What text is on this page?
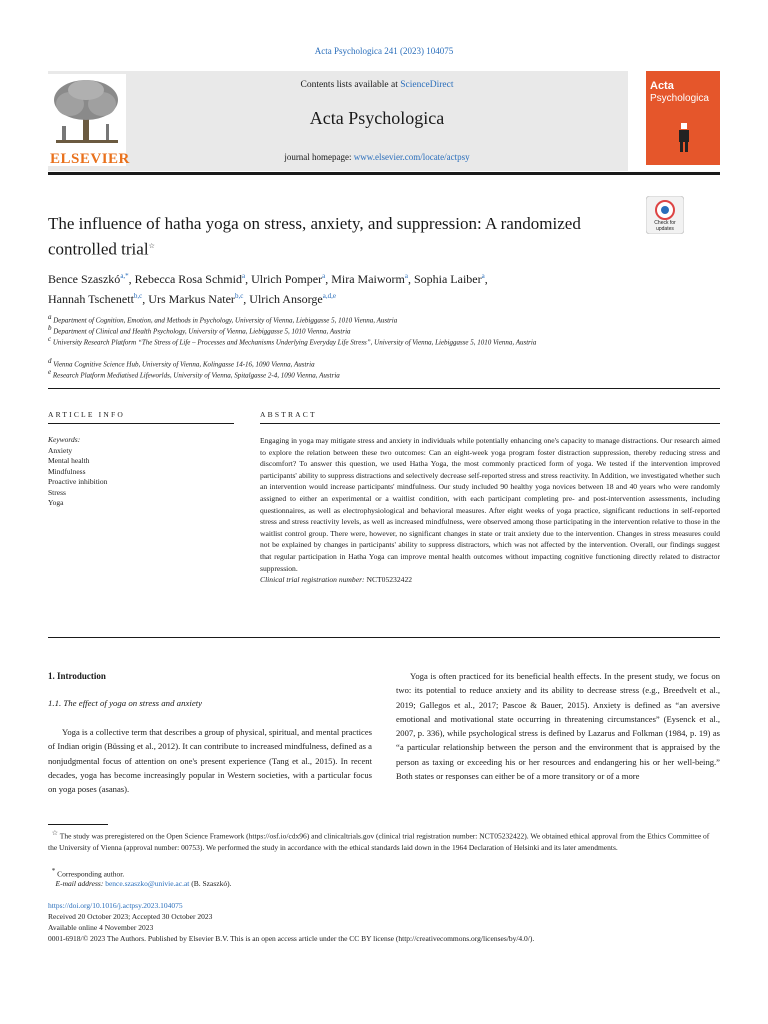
Acta Psychologica 241 (2023) 104075
ELSEVIER
Contents lists available at ScienceDirect
Acta Psychologica
journal homepage: www.elsevier.com/locate/actpsy
Acta
Psychologica
The influence of hatha yoga on stress, anxiety, and suppression: A randomized controlled trial☆
Check for updates
Bence Szaszkó$^{a,*}$, Rebecca Rosa Schmid$^a$, Ulrich Pomper$^a$, Mira Maiworm$^a$, Sophia Laiber$^a$,
Hannah Tschenett$^{b,c}$, Urs Markus Nater$^{b,c}$, Ulrich Ansorge$^{a,d,e}$
$^a$ Department of Cognition, Emotion, and Methods in Psychology, University of Vienna, Liebiggasse 5, 1010 Vienna, Austria
$^b$ Department of Clinical and Health Psychology, University of Vienna, Liebiggasse 5, 1010 Vienna, Austria
$^c$ University Research Platform “The Stress of Life – Processes and Mechanisms Underlying Everyday Life Stress”, University of Vienna, Liebiggasse 5, 1010 Vienna, Austria
$^d$ Vienna Cognitive Science Hub, University of Vienna, Kolingasse 14-16, 1090 Vienna, Austria
$^e$ Research Platform Mediatised Lifeworlds, University of Vienna, Spitalgasse 2-4, 1090 Vienna, Austria
ARTICLE INFO
Keywords:
Anxiety
Mental health
Mindfulness
Proactive inhibition
Stress
Yoga
ABSTRACT
Engaging in yoga may mitigate stress and anxiety in individuals while potentially enhancing one's capacity to manage distractions. Our research aimed to explore the relation between these two outcomes: Can an eight-week yoga program foster distraction suppression, thereby reducing stress and discomfort? To answer this question, we used Hatha Yoga, the most commonly practiced form of yoga. We tested if the intervention improved participants' ability to suppress distractions and selectively decrease self-reported stress and stress reactivity. In Addition, we investigated whether such an intervention would increase participants' mindfulness. Our study included 90 healthy yoga novices between 18 and 40 years who were randomly assigned to either an experimental or a waitlist condition, with each participant completing pre- and post-intervention assessments, including questionnaires, as well as electrophysiological and behavioral measures. After eight weeks of yoga practice, significant reductions in self-reported stress and stress reactivity levels, as well as increased mindfulness, were observed among those participating in the intervention relative to those in the waitlist control group. There were, however, no significant changes in state or trait anxiety due to the intervention. Changes in stress measures could not be explained by changes in participants' ability to suppress distractors, which was not affected by the intervention. Overall, our findings suggest that regular participation in Hatha Yoga can improve mental health outcomes without impacting cognitive functioning directly related to distractor suppression.
Clinical trial registration number: NCT05232422
1. Introduction
1.1. The effect of yoga on stress and anxiety
Yoga is a collective term that describes a group of physical, spiritual, and mental practices of Indian origin (Büssing et al., 2012). It can contribute to increased mindfulness, defined as a nonjudgmental focus of attention on one's present experience (Tang et al., 2015). In recent decades, yoga has become increasingly popular in Western societies, with a particular focus on yoga poses (asanas).
Yoga is often practiced for its beneficial health effects. In the present study, we focus on two: its potential to reduce anxiety and its ability to decrease stress (e.g., Breedvelt et al., 2019; Gallegos et al., 2017; Pascoe & Bauer, 2015). Anxiety is defined as “an aversive emotional and motivational state occurring in threatening circumstances” (Eysenck et al., 2007, p. 336), while psychological stress is defined by Lazarus and Folkman (1984, p. 19) as “a particular relationship between the person and the environment that is appraised by the person as taxing or exceeding his or her resources and endangering his or her well-being.” Both states or responses can either be of a more transitory or of a more
☆ The study was preregistered on the Open Science Framework (https://osf.io/cdx96) and clinicaltrials.gov (clinical trial registration number: NCT05232422). We obtained ethical approval from the Ethics Committee of the University of Vienna (approval number: 00753). We performed the study in accordance with the ethical standards laid down in the 1964 Declaration of Helsinki and its later amendments.
* Corresponding author.
E-mail address: bence.szaszko@univie.ac.at (B. Szaszkó).
https://doi.org/10.1016/j.actpsy.2023.104075
Received 20 October 2023; Accepted 30 October 2023
Available online 4 November 2023
0001-6918/© 2023 The Authors. Published by Elsevier B.V. This is an open access article under the CC BY license (http://creativecommons.org/licenses/by/4.0/).
